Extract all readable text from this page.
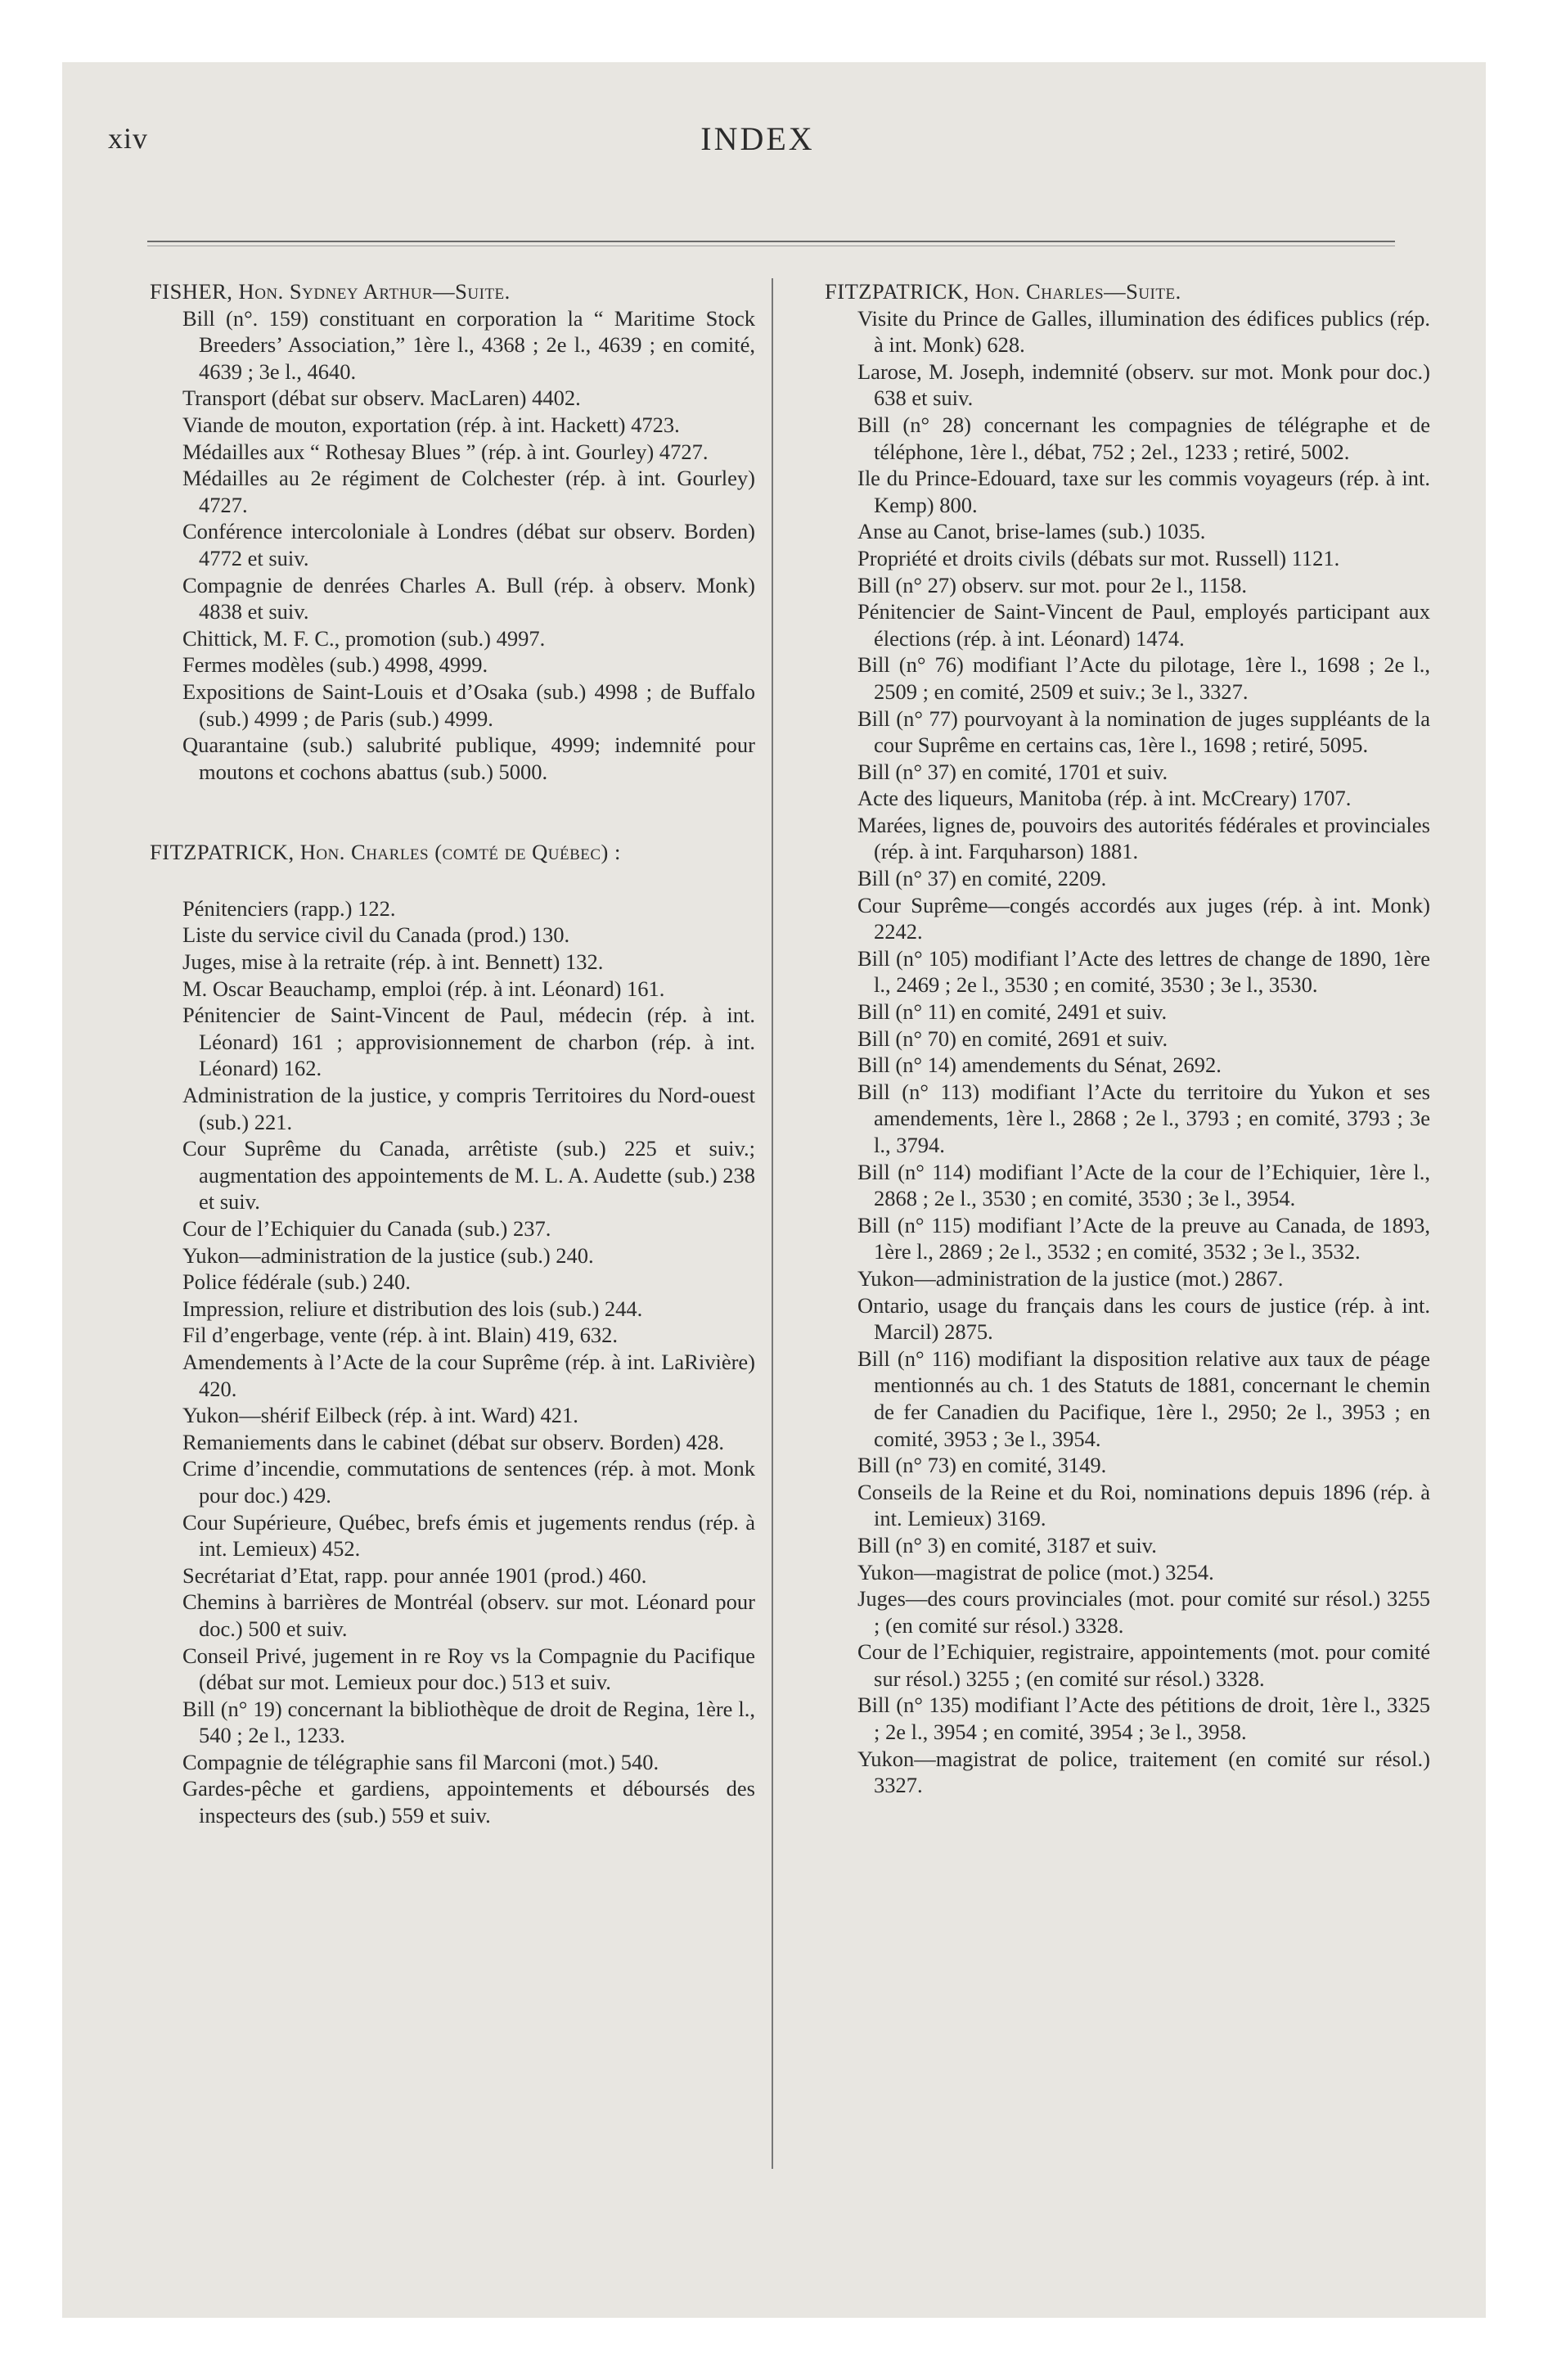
xiv	INDEX

FISHER, Hon. Sydney Arthur—Suite.

Bill (n°. 159) constituant en corporation la “ Maritime Stock Breeders’ Association,” 1ère l., 4368 ; 2e l., 4639 ; en comité, 4639 ; 3e l., 4640.

Transport (débat sur observ. MacLaren) 4402.

Viande de mouton, exportation (rép. à int. Hackett) 4723.

Médailles aux “ Rothesay Blues ” (rép. à int. Gourley) 4727.

Médailles au 2e régiment de Colchester (rép. à int. Gourley) 4727.

Conférence intercoloniale à Londres (débat sur observ. Borden) 4772 et suiv.

Compagnie de denrées Charles A. Bull (rép. à observ. Monk) 4838 et suiv.

Chittick, M. F. C., promotion (sub.) 4997.

Fermes modèles (sub.) 4998, 4999.

Expositions de Saint-Louis et d’Osaka (sub.) 4998 ; de Buffalo (sub.) 4999 ; de Paris (sub.) 4999.

Quarantaine (sub.) salubrité publique, 4999; indemnité pour moutons et cochons abattus (sub.) 5000.

FITZPATRICK, Hon. Charles (comté de Québec) :

Pénitenciers (rapp.) 122.

Liste du service civil du Canada (prod.) 130.

Juges, mise à la retraite (rép. à int. Bennett) 132.

M. Oscar Beauchamp, emploi (rép. à int. Léonard) 161.

Pénitencier de Saint-Vincent de Paul, médecin (rép. à int. Léonard) 161 ; approvisionnement de charbon (rép. à int. Léonard) 162.

Administration de la justice, y compris Territoires du Nord-ouest (sub.) 221.

Cour Suprême du Canada, arrêtiste (sub.) 225 et suiv.; augmentation des appointements de M. L. A. Audette (sub.) 238 et suiv.

Cour de l’Echiquier du Canada (sub.) 237.

Yukon—administration de la justice (sub.) 240.

Police fédérale (sub.) 240.

Impression, reliure et distribution des lois (sub.) 244.

Fil d’engerbage, vente (rép. à int. Blain) 419, 632.

Amendements à l’Acte de la cour Suprême (rép. à int. LaRivière) 420.

Yukon—shérif Eilbeck (rép. à int. Ward) 421.

Remaniements dans le cabinet (débat sur observ. Borden) 428.

Crime d’incendie, commutations de sentences (rép. à mot. Monk pour doc.) 429.

Cour Supérieure, Québec, brefs émis et jugements rendus (rép. à int. Lemieux) 452.

Secrétariat d’Etat, rapp. pour année 1901 (prod.) 460.

Chemins à barrières de Montréal (observ. sur mot. Léonard pour doc.) 500 et suiv.

Conseil Privé, jugement in re Roy vs la Compagnie du Pacifique (débat sur mot. Lemieux pour doc.) 513 et suiv.

Bill (n° 19) concernant la bibliothèque de droit de Regina, 1ère l., 540 ; 2e l., 1233.

Compagnie de télégraphie sans fil Marconi (mot.) 540.

Gardes-pêche et gardiens, appointements et déboursés des inspecteurs des (sub.) 559 et suiv.

FITZPATRICK, Hon. Charles—Suite.

Visite du Prince de Galles, illumination des édifices publics (rép. à int. Monk) 628.

Larose, M. Joseph, indemnité (observ. sur mot. Monk pour doc.) 638 et suiv.

Bill (n° 28) concernant les compagnies de télégraphe et de téléphone, 1ère l., débat, 752 ; 2el., 1233 ; retiré, 5002.

Ile du Prince-Edouard, taxe sur les commis voyageurs (rép. à int. Kemp) 800.

Anse au Canot, brise-lames (sub.) 1035.

Propriété et droits civils (débats sur mot. Russell) 1121.

Bill (n° 27) observ. sur mot. pour 2e l., 1158.

Pénitencier de Saint-Vincent de Paul, employés participant aux élections (rép. à int. Léonard) 1474.

Bill (n° 76) modifiant l’Acte du pilotage, 1ère l., 1698 ; 2e l., 2509 ; en comité, 2509 et suiv.; 3e l., 3327.

Bill (n° 77) pourvoyant à la nomination de juges suppléants de la cour Suprême en certains cas, 1ère l., 1698 ; retiré, 5095.

Bill (n° 37) en comité, 1701 et suiv.

Acte des liqueurs, Manitoba (rép. à int. McCreary) 1707.

Marées, lignes de, pouvoirs des autorités fédérales et provinciales (rép. à int. Farquharson) 1881.

Bill (n° 37) en comité, 2209.

Cour Suprême—congés accordés aux juges (rép. à int. Monk) 2242.

Bill (n° 105) modifiant l’Acte des lettres de change de 1890, 1ère l., 2469 ; 2e l., 3530 ; en comité, 3530 ; 3e l., 3530.

Bill (n° 11) en comité, 2491 et suiv.

Bill (n° 70) en comité, 2691 et suiv.

Bill (n° 14) amendements du Sénat, 2692.

Bill (n° 113) modifiant l’Acte du territoire du Yukon et ses amendements, 1ère l., 2868 ; 2e l., 3793 ; en comité, 3793 ; 3e l., 3794.

Bill (n° 114) modifiant l’Acte de la cour de l’Echiquier, 1ère l., 2868 ; 2e l., 3530 ; en comité, 3530 ; 3e l., 3954.

Bill (n° 115) modifiant l’Acte de la preuve au Canada, de 1893, 1ère l., 2869 ; 2e l., 3532 ; en comité, 3532 ; 3e l., 3532.

Yukon—administration de la justice (mot.) 2867.

Ontario, usage du français dans les cours de justice (rép. à int. Marcil) 2875.

Bill (n° 116) modifiant la disposition relative aux taux de péage mentionnés au ch. 1 des Statuts de 1881, concernant le chemin de fer Canadien du Pacifique, 1ère l., 2950; 2e l., 3953 ; en comité, 3953 ; 3e l., 3954.

Bill (n° 73) en comité, 3149.

Conseils de la Reine et du Roi, nominations depuis 1896 (rép. à int. Lemieux) 3169.

Bill (n° 3) en comité, 3187 et suiv.

Yukon—magistrat de police (mot.) 3254.

Juges—des cours provinciales (mot. pour comité sur résol.) 3255 ; (en comité sur résol.) 3328.

Cour de l’Echiquier, registraire, appointements (mot. pour comité sur résol.) 3255 ; (en comité sur résol.) 3328.

Bill (n° 135) modifiant l’Acte des pétitions de droit, 1ère l., 3325 ; 2e l., 3954 ; en comité, 3954 ; 3e l., 3958.

Yukon—magistrat de police, traitement (en comité sur résol.) 3327.
